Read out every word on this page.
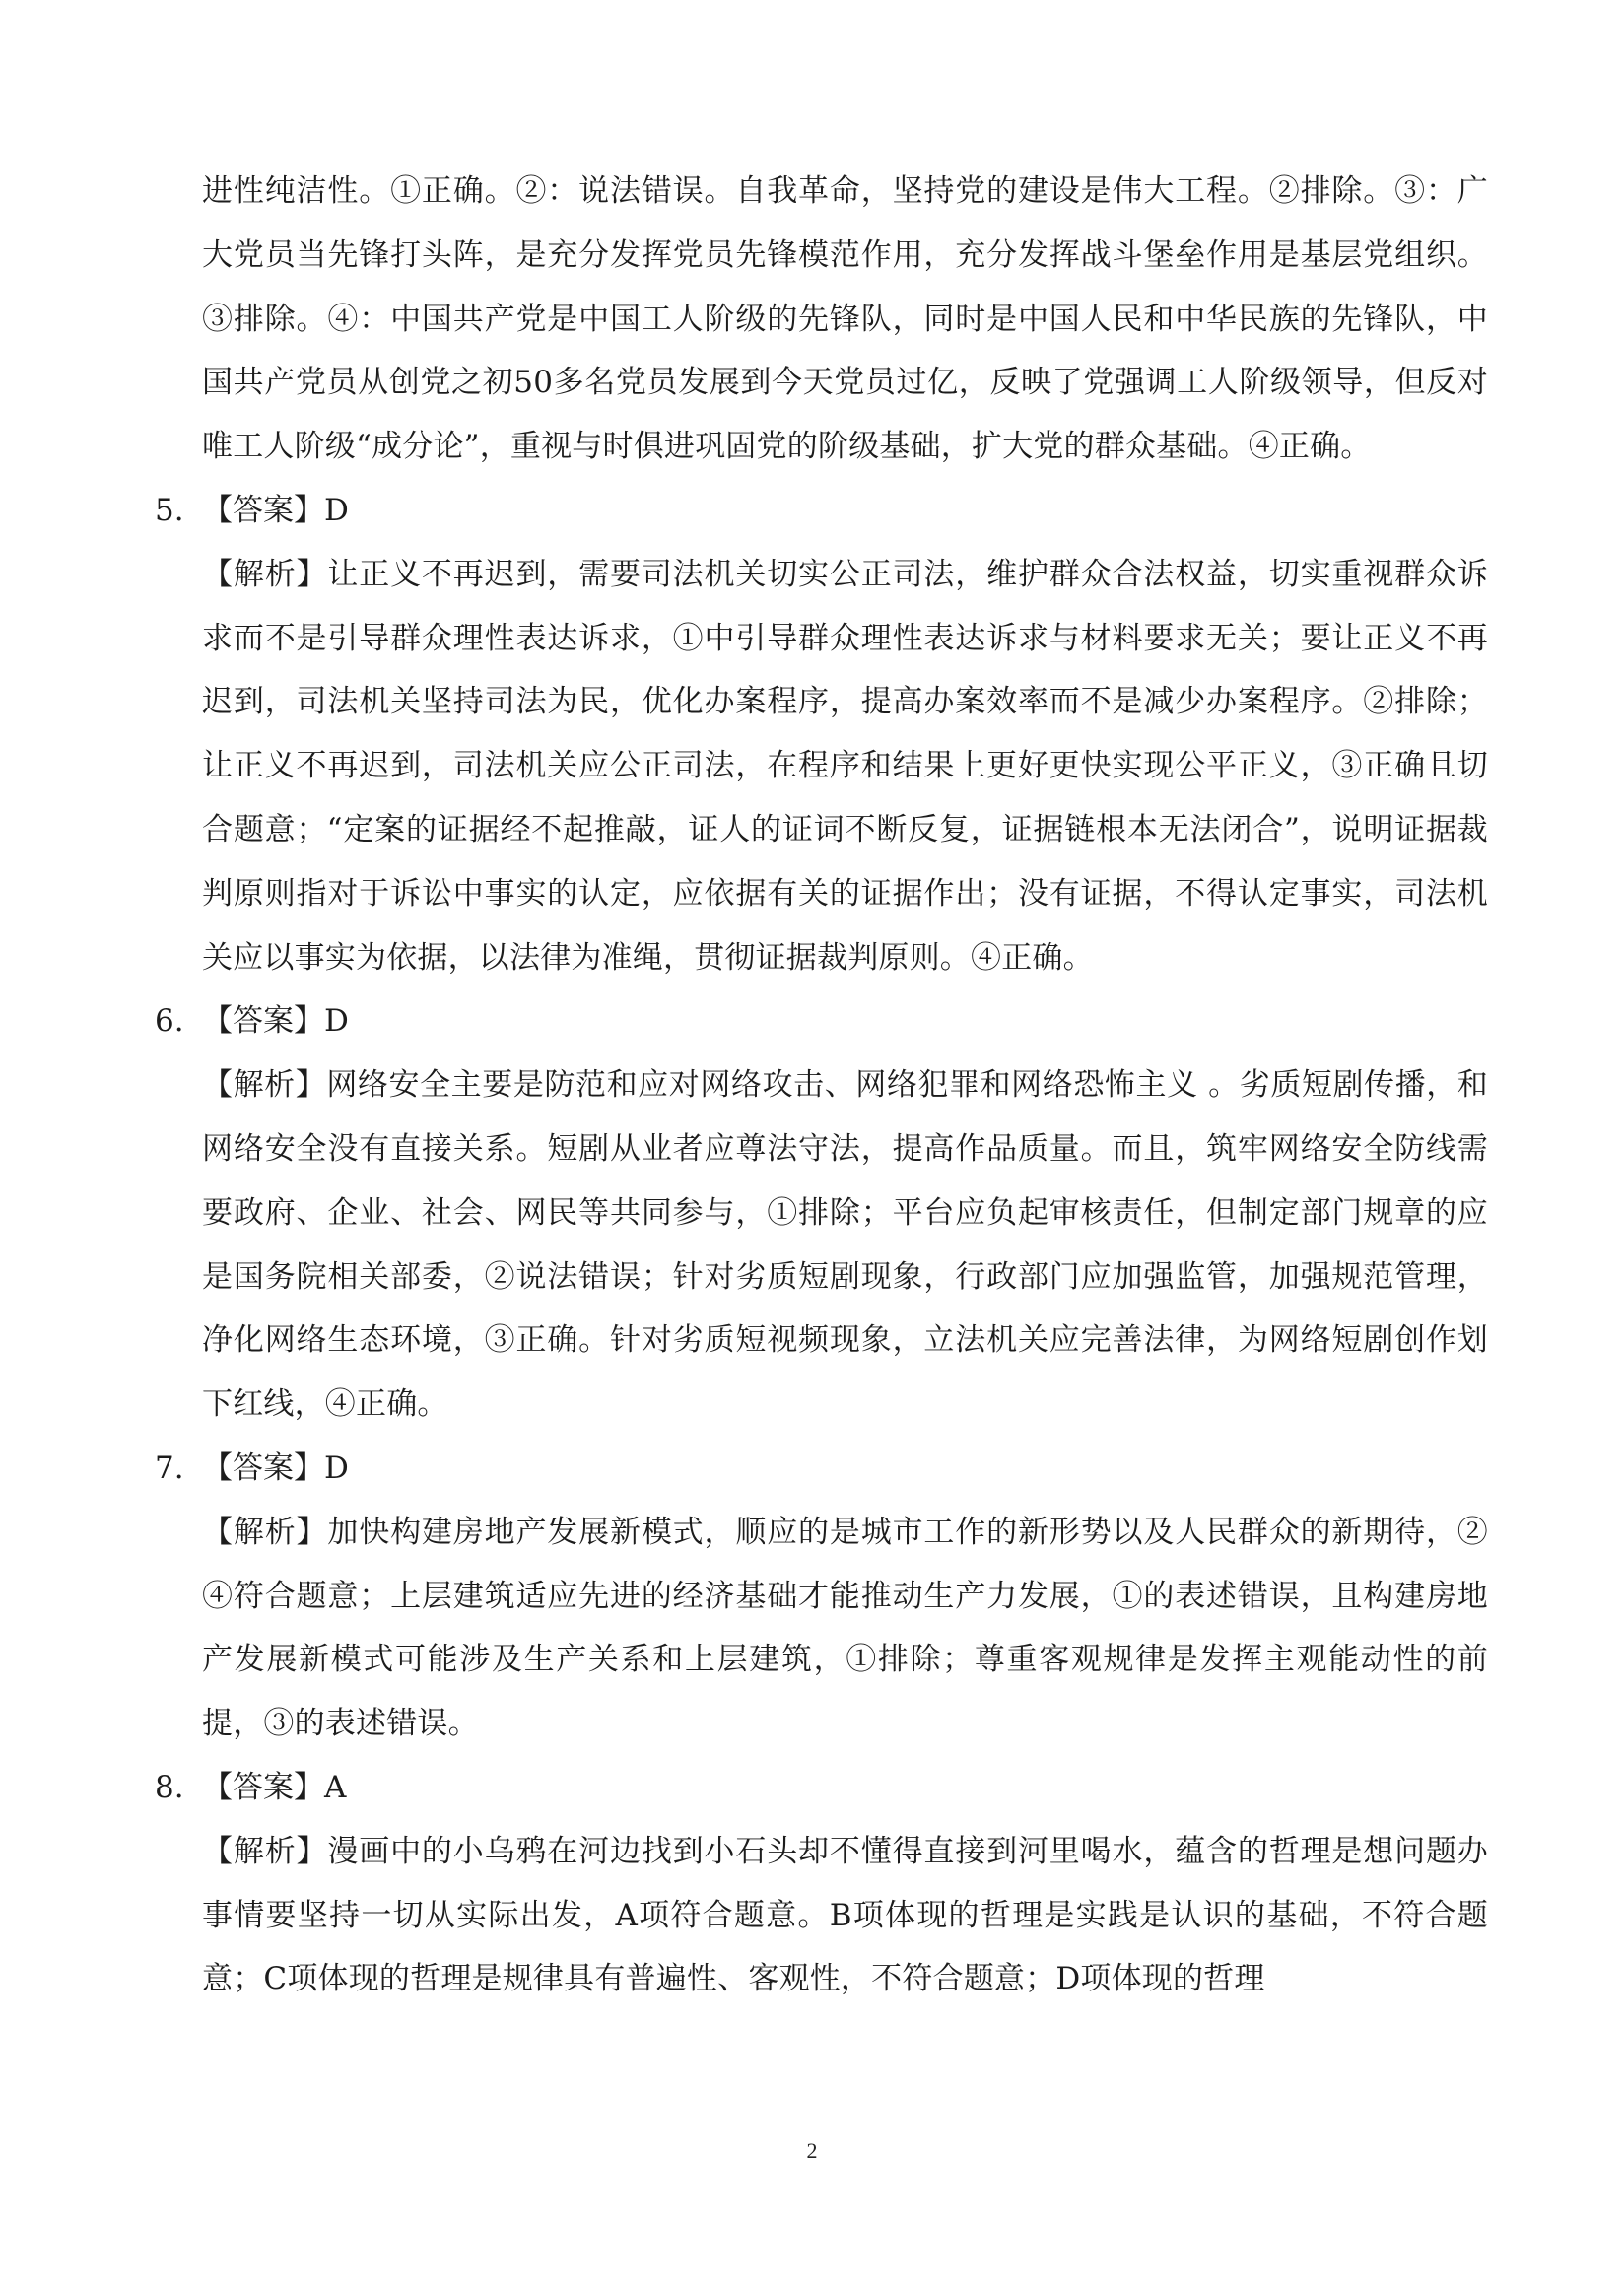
进性纯洁性。①正确。②：说法错误。自我革命，坚持党的建设是伟大工程。②排除。③：广大党员当先锋打头阵，是充分发挥党员先锋模范作用，充分发挥战斗堡垒作用是基层党组织。③排除。④：中国共产党是中国工人阶级的先锋队，同时是中国人民和中华民族的先锋队，中国共产党员从创党之初50多名党员发展到今天党员过亿，反映了党强调工人阶级领导，但反对唯工人阶级“成分论”，重视与时俱进巩固党的阶级基础，扩大党的群众基础。④正确。

5. 【答案】D

【解析】让正义不再迟到，需要司法机关切实公正司法，维护群众合法权益，切实重视群众诉求而不是引导群众理性表达诉求，①中引导群众理性表达诉求与材料要求无关；要让正义不再迟到，司法机关坚持司法为民，优化办案程序，提高办案效率而不是减少办案程序。②排除；让正义不再迟到，司法机关应公正司法，在程序和结果上更好更快实现公平正义，③正确且切合题意；“定案的证据经不起推敲，证人的证词不断反复，证据链根本无法闭合”，说明证据裁判原则指对于诉讼中事实的认定，应依据有关的证据作出；没有证据，不得认定事实，司法机关应以事实为依据，以法律为准绳，贯彻证据裁判原则。④正确。

6. 【答案】D

【解析】网络安全主要是防范和应对网络攻击、网络犯罪和网络恐怖主义 。劣质短剧传播，和网络安全没有直接关系。短剧从业者应尊法守法，提高作品质量。而且，筑牢网络安全防线需要政府、企业、社会、网民等共同参与，①排除；平台应负起审核责任，但制定部门规章的应是国务院相关部委，②说法错误；针对劣质短剧现象，行政部门应加强监管，加强规范管理，净化网络生态环境，③正确。针对劣质短视频现象，立法机关应完善法律，为网络短剧创作划下红线，④正确。

7. 【答案】D

【解析】加快构建房地产发展新模式，顺应的是城市工作的新形势以及人民群众的新期待，②④符合题意；上层建筑适应先进的经济基础才能推动生产力发展，①的表述错误，且构建房地产发展新模式可能涉及生产关系和上层建筑，①排除；尊重客观规律是发挥主观能动性的前提，③的表述错误。

8. 【答案】A

【解析】漫画中的小乌鸦在河边找到小石头却不懂得直接到河里喝水，蕴含的哲理是想问题办事情要坚持一切从实际出发，A项符合题意。B项体现的哲理是实践是认识的基础，不符合题意；C项体现的哲理是规律具有普遍性、客观性，不符合题意；D项体现的哲理

2
